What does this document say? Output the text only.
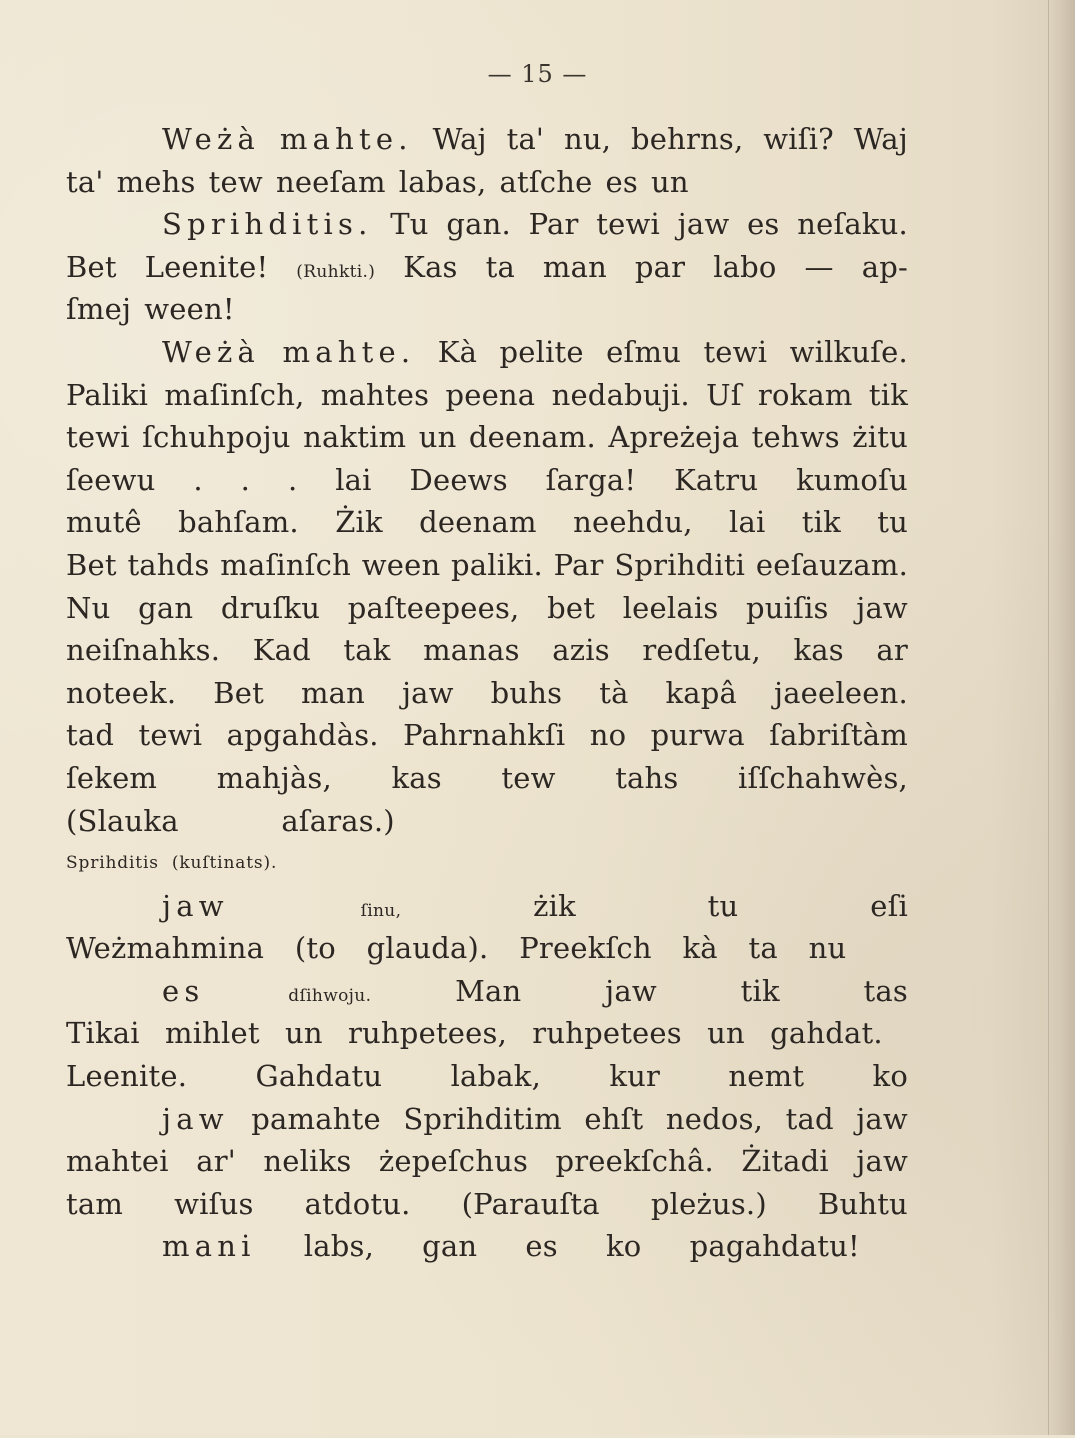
— 15 —
Weżà mahte. Waj ta' nu, behrns, wiſi? Waj
ta' mehs tew neeſam labas, atſche es un
Sprihditis. Tu gan. Par tewi jaw es neſaku.
Bet Leenite! (Ruhkti.) Kas ta man par labo — ap-
ſmej ween!
Weżà mahte. Kà pelite eſmu tewi wilkuſe.
Paliki maſinſch, mahtes peena nedabuji. Uſ rokam tik
tewi ſchuhpoju naktim un deenam. Apreżeja tehws żitu
ſeewu . . . lai Deews ſarga! Katru kumoſu
mutê bahſam. Żik deenam neehdu, lai tik tu
Bet tahds maſinſch ween paliki. Par Sprihditi eeſauzam.
Nu gan druſku paſteepees, bet leelais puiſis jaw
neiſnahks. Kad tak manas azis redſetu, kas ar
noteek. Bet man jaw buhs tà kapâ jaeeleen.
tad tewi apgahdàs. Pahrnahkſi no purwa ſabriſtàm
ſekem mahjàs, kas tew tahs iſſchahwès,
(Slauka	aſaras.)
Sprihditis (kuſtinats).
jaw	ſinu,	żik	tu	eſi
Weżmahmina (to glauda). Preekſch kà ta nu
es	dſihwoju.	Man	jaw	tik	tas
Tikai mihlet un ruhpetees, ruhpetees un gahdat.
Leenite. Gahdatu labak, kur nemt ko
jaw pamahte Sprihditim ehſt nedos, tad jaw
mahtei ar' neliks żepeſchus preekſchâ. Żitadi jaw
tam wiſus atdotu. (Parauſta pleżus.) Buhtu
mani labs, gan es ko pagahdatu!
